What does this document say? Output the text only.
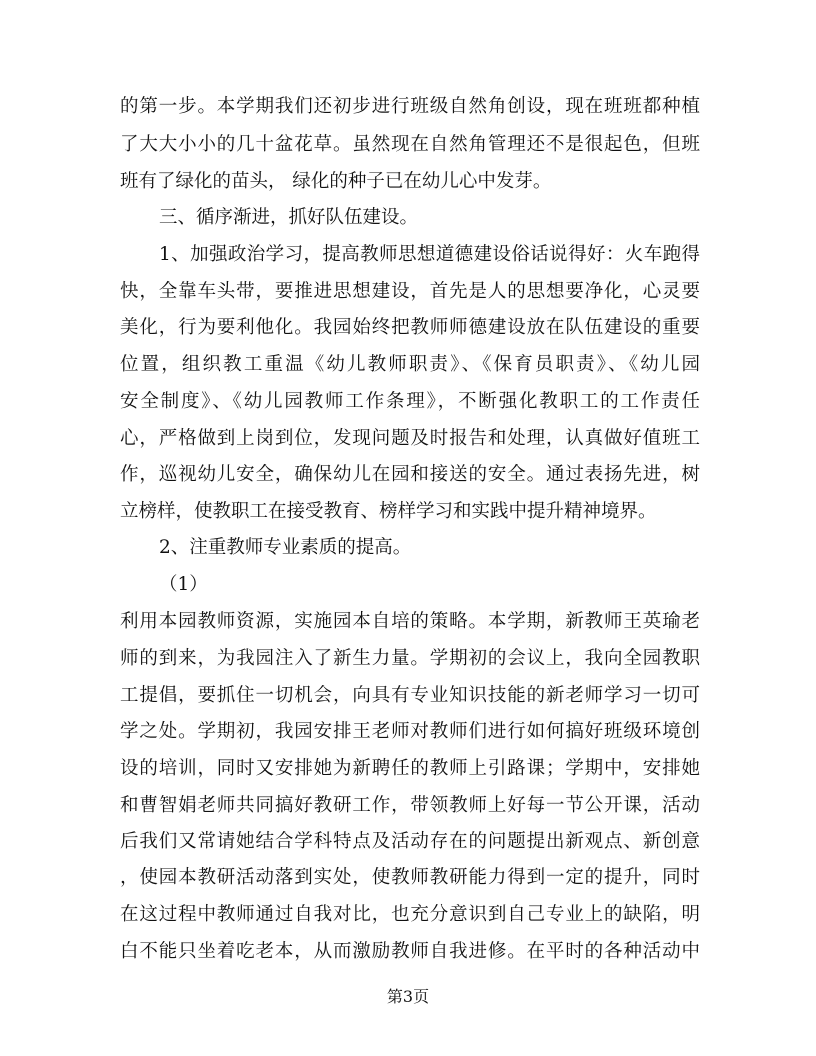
的第一步。本学期我们还初步进行班级自然角创设，现在班班都种植
了大大小小的几十盆花草。虽然现在自然角管理还不是很起色，但班
班有了绿化的苗头， 绿化的种子已在幼儿心中发芽。
三、循序渐进，抓好队伍建设。
1、加强政治学习，提高教师思想道德建设俗话说得好：火车跑得
快，全靠车头带，要推进思想建设，首先是人的思想要净化，心灵要
美化，行为要利他化。我园始终把教师师德建设放在队伍建设的重要
位置，组织教工重温《幼儿教师职责》、《保育员职责》、《幼儿园
安全制度》、《幼儿园教师工作条理》，不断强化教职工的工作责任
心，严格做到上岗到位，发现问题及时报告和处理，认真做好值班工
作，巡视幼儿安全，确保幼儿在园和接送的安全。通过表扬先进，树
立榜样，使教职工在接受教育、榜样学习和实践中提升精神境界。
2、注重教师专业素质的提高。
（1）
利用本园教师资源，实施园本自培的策略。本学期，新教师王英瑜老
师的到来，为我园注入了新生力量。学期初的会议上，我向全园教职
工提倡，要抓住一切机会，向具有专业知识技能的新老师学习一切可
学之处。学期初，我园安排王老师对教师们进行如何搞好班级环境创
设的培训，同时又安排她为新聘任的教师上引路课；学期中，安排她
和曹智娟老师共同搞好教研工作，带领教师上好每一节公开课，活动
后我们又常请她结合学科特点及活动存在的问题提出新观点、新创意
，使园本教研活动落到实处，使教师教研能力得到一定的提升，同时
在这过程中教师通过自我对比，也充分意识到自己专业上的缺陷，明
白不能只坐着吃老本，从而激励教师自我进修。在平时的各种活动中
第3页
